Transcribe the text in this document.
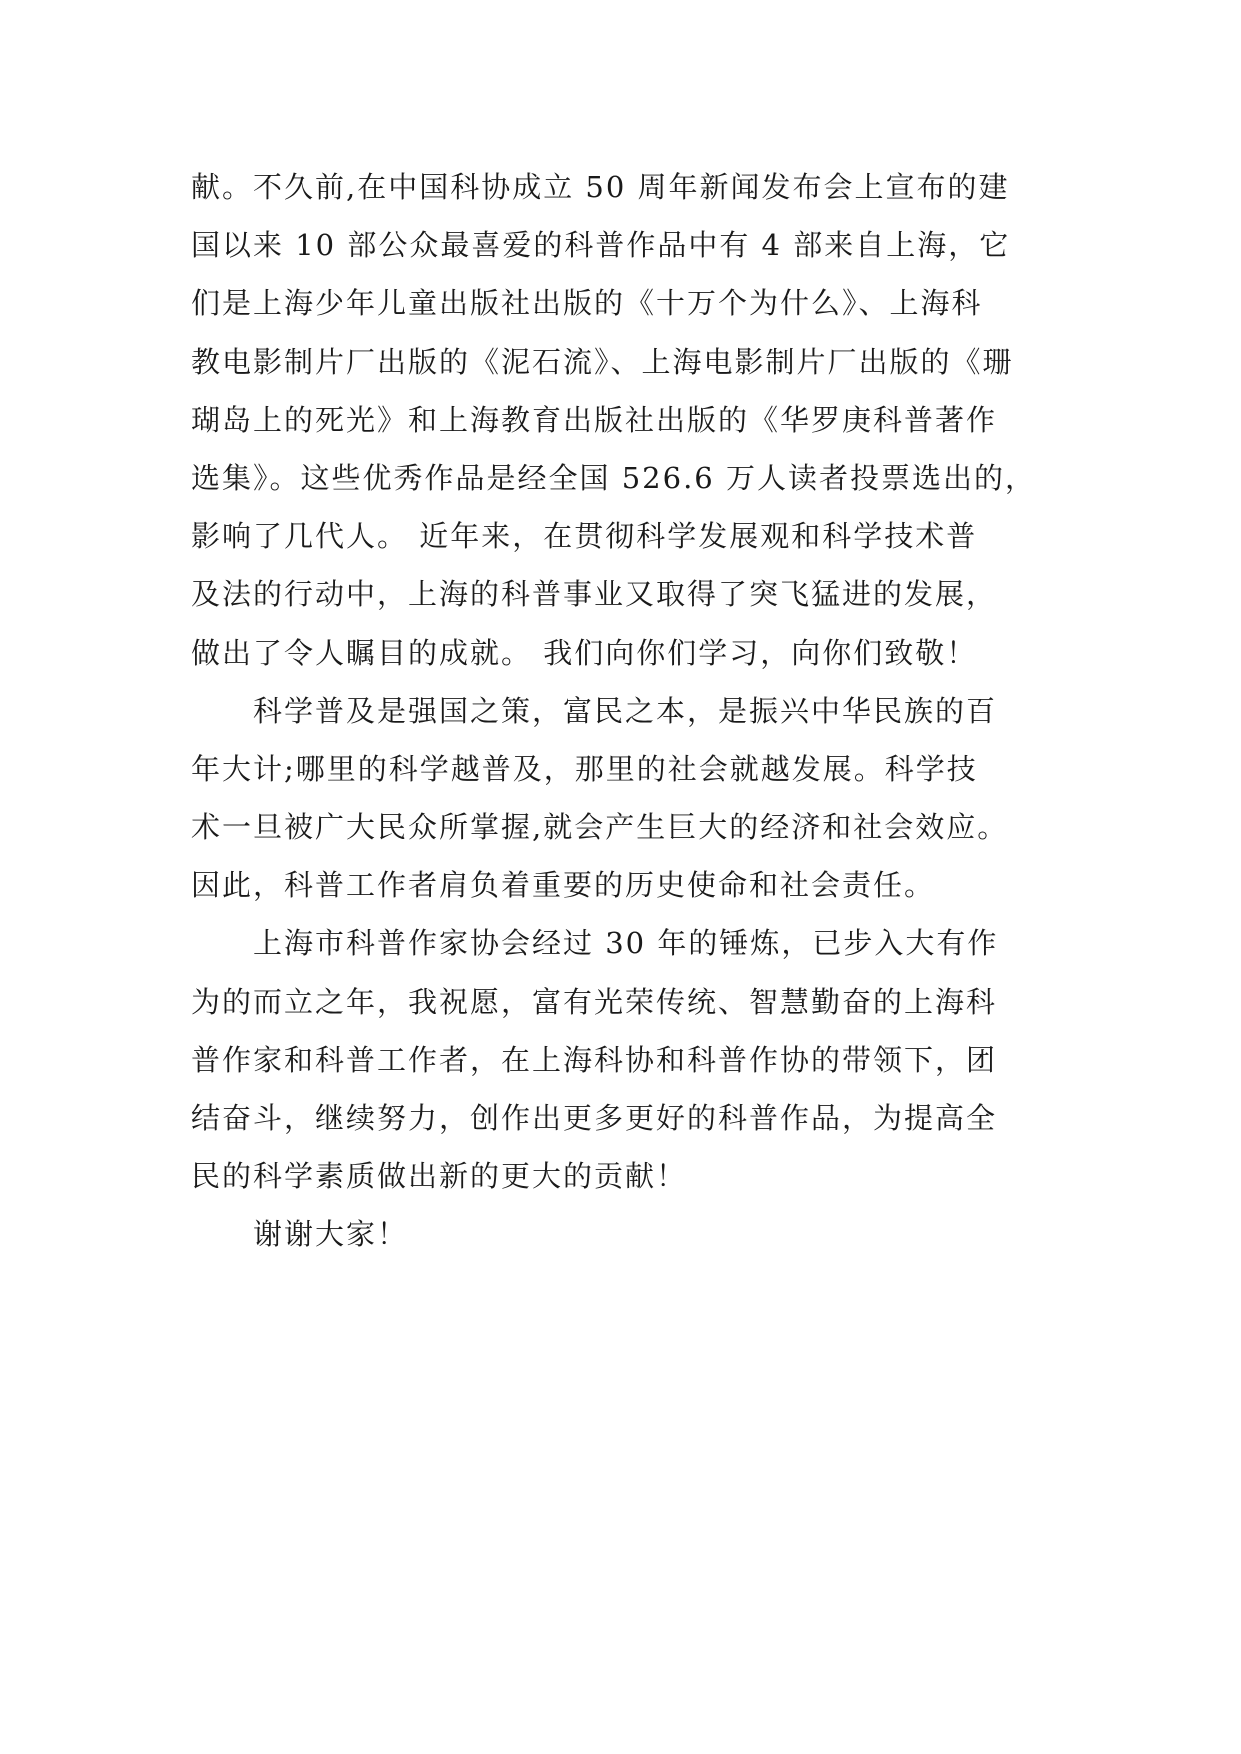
献。不久前,在中国科协成立 50 周年新闻发布会上宣布的建
国以来 10 部公众最喜爱的科普作品中有 4 部来自上海，它
们是上海少年儿童出版社出版的《十万个为什么》、上海科
教电影制片厂出版的《泥石流》、上海电影制片厂出版的《珊
瑚岛上的死光》和上海教育出版社出版的《华罗庚科普著作
选集》。这些优秀作品是经全国 526.6 万人读者投票选出的，
影响了几代人。 近年来，在贯彻科学发展观和科学技术普
及法的行动中，上海的科普事业又取得了突飞猛进的发展，
做出了令人瞩目的成就。 我们向你们学习，向你们致敬！
　　科学普及是强国之策，富民之本，是振兴中华民族的百
年大计;哪里的科学越普及，那里的社会就越发展。科学技
术一旦被广大民众所掌握,就会产生巨大的经济和社会效应。
因此，科普工作者肩负着重要的历史使命和社会责任。
　　上海市科普作家协会经过 30 年的锤炼，已步入大有作
为的而立之年，我祝愿，富有光荣传统、智慧勤奋的上海科
普作家和科普工作者，在上海科协和科普作协的带领下，团
结奋斗，继续努力，创作出更多更好的科普作品，为提高全
民的科学素质做出新的更大的贡献！
　　谢谢大家！
